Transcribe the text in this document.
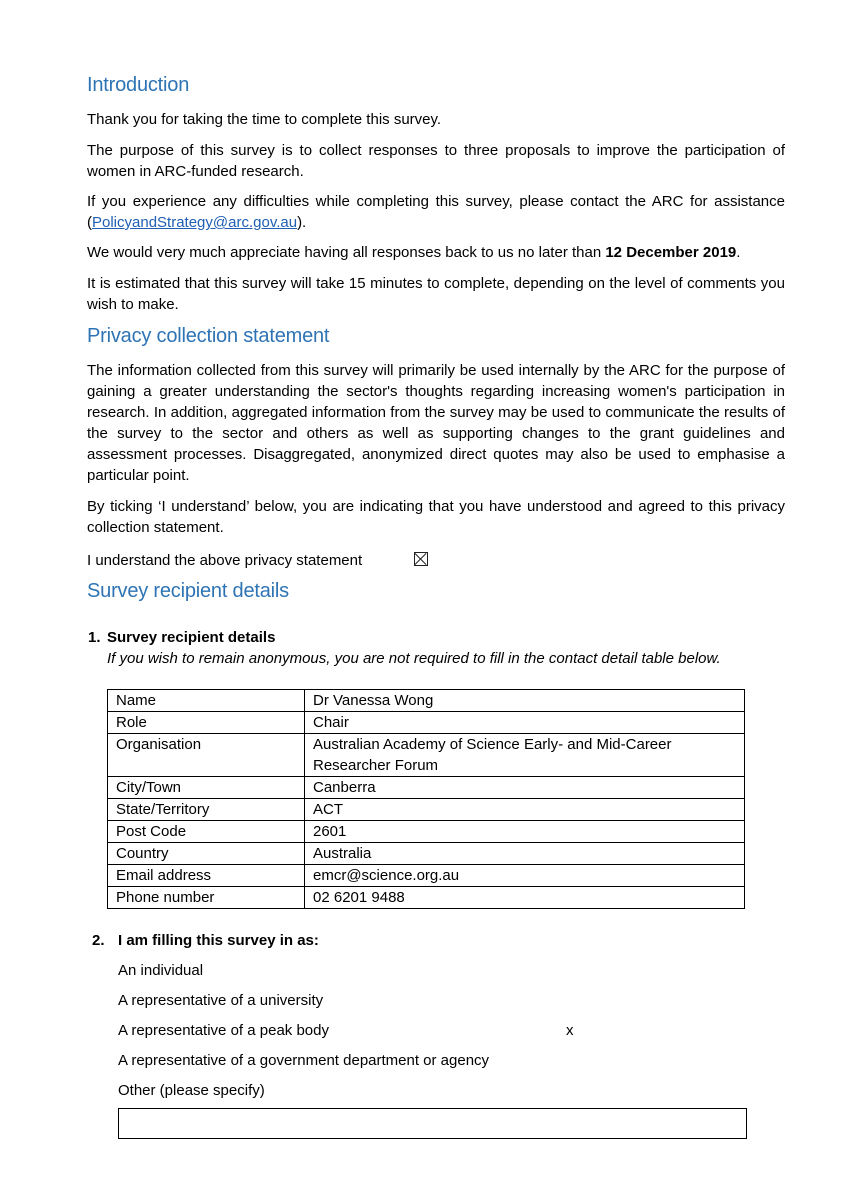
Introduction

Thank you for taking the time to complete this survey.

The purpose of this survey is to collect responses to three proposals to improve the participation of women in ARC-funded research.

If you experience any difficulties while completing this survey, please contact the ARC for assistance (PolicyandStrategy@arc.gov.au).

We would very much appreciate having all responses back to us no later than 12 December 2019.

It is estimated that this survey will take 15 minutes to complete, depending on the level of comments you wish to make.

Privacy collection statement

The information collected from this survey will primarily be used internally by the ARC for the purpose of gaining a greater understanding the sector's thoughts regarding increasing women's participation in research. In addition, aggregated information from the survey may be used to communicate the results of the survey to the sector and others as well as supporting changes to the grant guidelines and assessment processes. Disaggregated, anonymized direct quotes may also be used to emphasise a particular point.

By ticking ‘I understand’ below, you are indicating that you have understood and agreed to this privacy collection statement.

I understand the above privacy statement
Survey recipient details
1. Survey recipient details
If you wish to remain anonymous, you are not required to fill in the contact detail table below.
Name	Dr Vanessa Wong
Role	Chair
Organisation	Australian Academy of Science Early- and Mid-Career Researcher Forum
City/Town	Canberra
State/Territory	ACT
Post Code	2601
Country	Australia
Email address	emcr@science.org.au
Phone number	02 6201 9488
2. I am filling this survey in as:
An individual
A representative of a university
A representative of a peak body	x
A representative of a government department or agency
Other (please specify)
